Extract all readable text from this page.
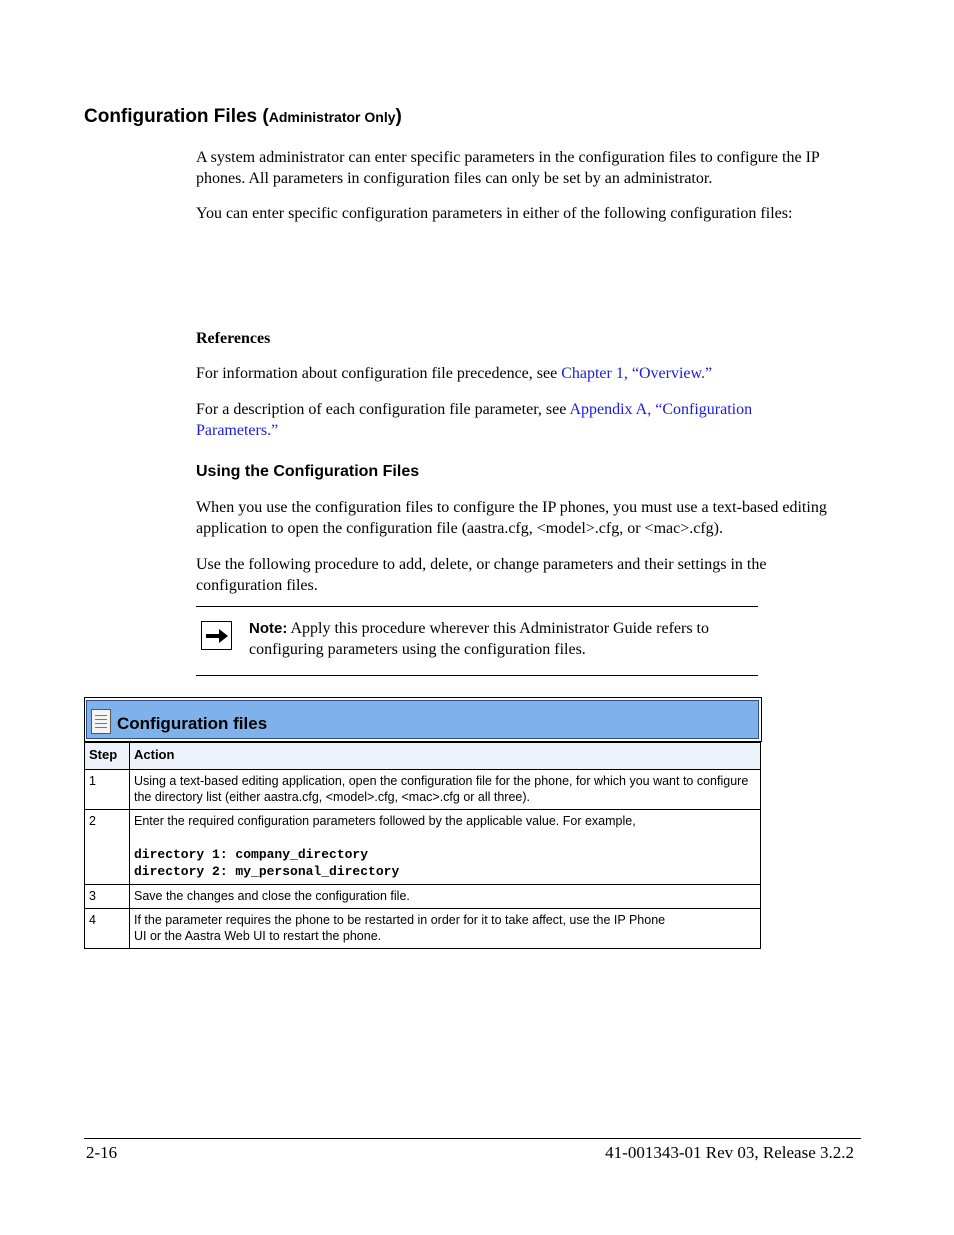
Configuration Files (Administrator Only)
A system administrator can enter specific parameters in the configuration files to configure the IP phones. All parameters in configuration files can only be set by an administrator.
You can enter specific configuration parameters in either of the following configuration files:
References
For information about configuration file precedence, see Chapter 1, “Overview.”
For a description of each configuration file parameter, see Appendix A, “Configuration Parameters.”
Using the Configuration Files
When you use the configuration files to configure the IP phones, you must use a text-based editing application to open the configuration file (aastra.cfg, <model>.cfg, or <mac>.cfg).
Use the following procedure to add, delete, or change parameters and their settings in the configuration files.
Note: Apply this procedure wherever this Administrator Guide refers to configuring parameters using the configuration files.
Configuration files
Step	Action
1	Using a text-based editing application, open the configuration file for the phone, for which you want to configure the directory list (either aastra.cfg, <model>.cfg, <mac>.cfg or all three).
2	Enter the required configuration parameters followed by the applicable value. For example,
directory 1: company_directory
directory 2: my_personal_directory

3	Save the changes and close the configuration file.
4	If the parameter requires the phone to be restarted in order for it to take affect, use the IP Phone UI or the Aastra Web UI to restart the phone.
2-16	41-001343-01 Rev 03, Release 3.2.2
